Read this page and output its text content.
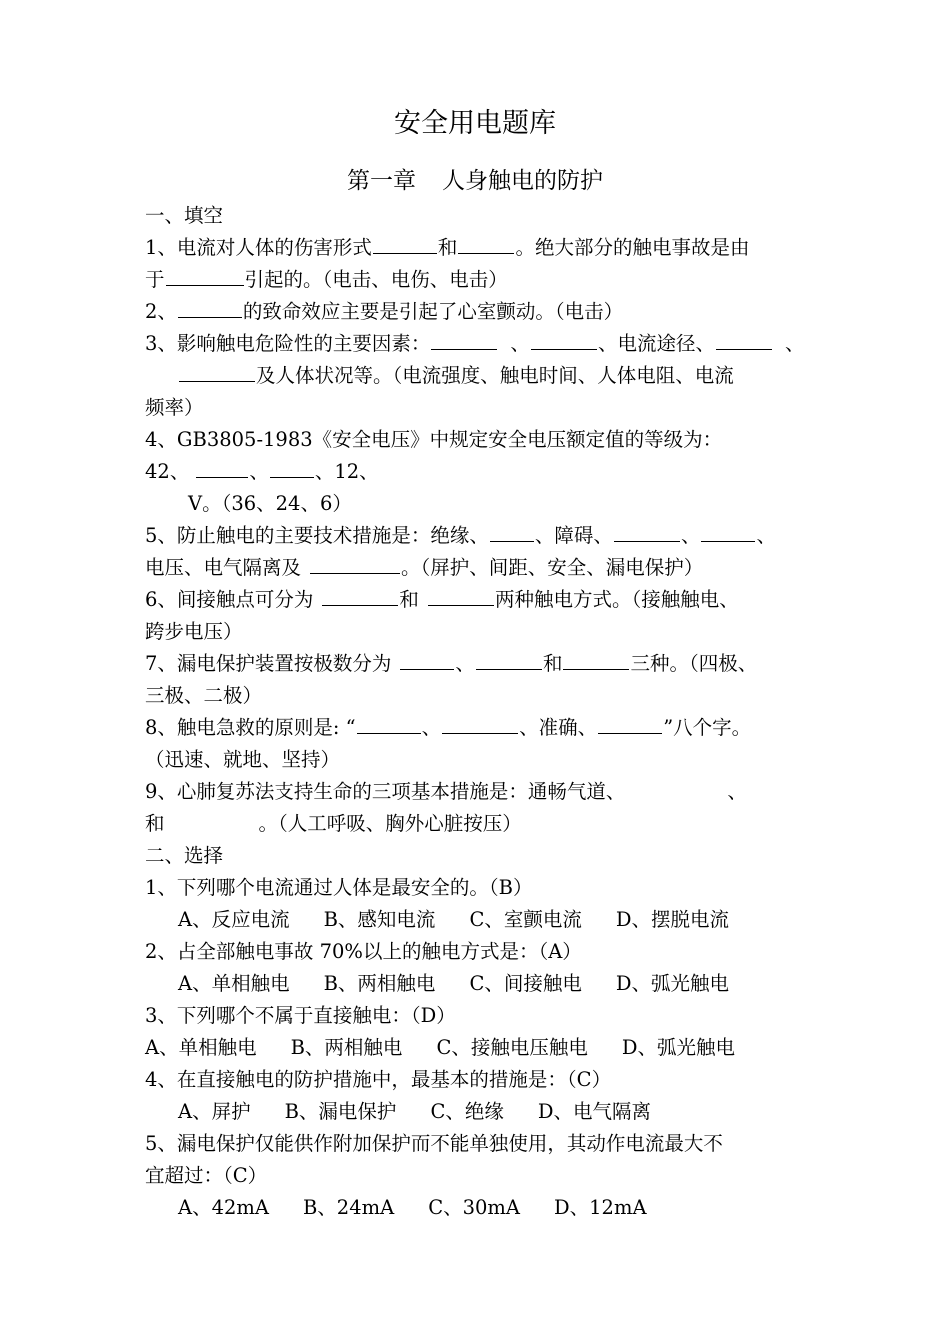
安全用电题库
第一章 人身触电的防护
一、填空
1、电流对人体的伤害形式	和	。绝大部分的触电事故是由
于	引起的。（电击、电伤、电击）
2、	的致命效应主要是引起了心室颤动。（电击）
3、影响触电危险性的主要因素：	、	、电流途径、	、
及人体状况等。（电流强度、触电时间、人体电阻、电流
频率）
4、GB3805-1983《安全电压》中规定安全电压额定值的等级为：
42、	、 、12、
V。（36、24、6）
5、防止触电的主要技术措施是：绝缘、 、障碍、	、	、
电压、电气隔离及	。（屏护、间距、安全、漏电保护）
6、间接触点可分为	和	两种触电方式。（接触触电、
跨步电压）
7、漏电保护装置按极数分为	、	和	三种。（四极、
三极、二极）
8、触电急救的原则是: “	、	、准确、	”八个字。
（迅速、就地、坚持）
9、心肺复苏法支持生命的三项基本措施是：通畅气道、	、
和	。（人工呼吸、胸外心脏按压）
二、选择
1、下列哪个电流通过人体是最安全的。（B）
A、反应电流 B、感知电流 C、室颤电流 D、摆脱电流
2、占全部触电事故 70%以上的触电方式是：（A）
A、单相触电 B、两相触电 C、间接触电 D、弧光触电
3、下列哪个不属于直接触电：（D）
A、单相触电 B、两相触电 C、接触电压触电 D、弧光触电
4、在直接触电的防护措施中，最基本的措施是：（C）
A、屏护 B、漏电保护 C、绝缘 D、电气隔离
5、漏电保护仅能供作附加保护而不能单独使用，其动作电流最大不
宜超过：（C）
A、42mA B、24mA C、30mA D、12mA
